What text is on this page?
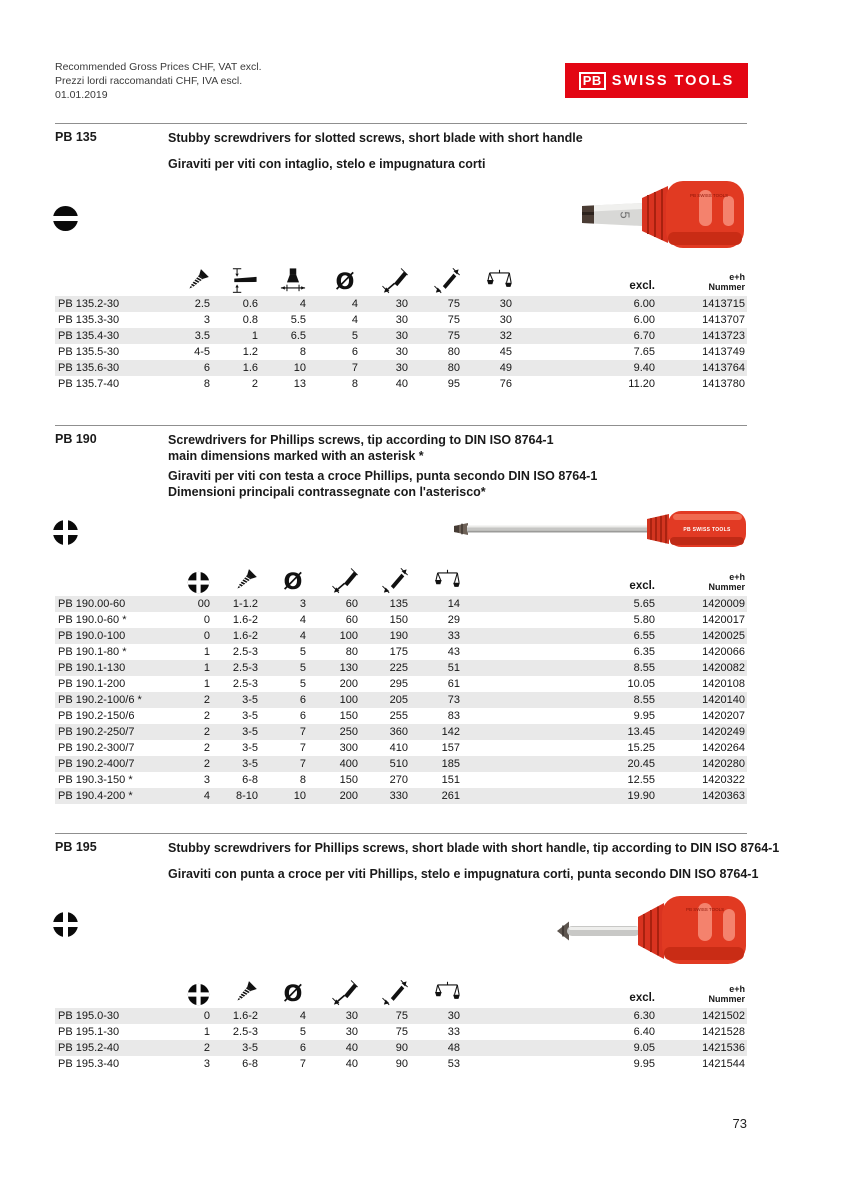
Recommended Gross Prices CHF, VAT excl.
Prezzi lordi raccomandati CHF, IVA escl.
01.01.2019
PB SWISS TOOLS
PB 135	Stubby screwdrivers for slotted screws, short blade with short handle
Giraviti per viti con intaglio, stelo e impugnatura corti
5
PB SWISS TOOLS

		excl.	e+h
Nummer

PB 135.2-30	2.5	0.6	4	4	30	75	30		6.00	1413715
PB 135.3-30	3	0.8	5.5	4	30	75	30		6.00	1413707
PB 135.4-30	3.5	1	6.5	5	30	75	32		6.70	1413723
PB 135.5-30	4-5	1.2	8	6	30	80	45		7.65	1413749
PB 135.6-30	6	1.6	10	7	30	80	49		9.40	1413764
PB 135.7-40	8	2	13	8	40	95	76		11.20	1413780
PB 190	Screwdrivers for Phillips screws, tip according to DIN ISO 8764-1
main dimensions marked with an asterisk *
Giraviti per viti con testa a croce Phillips, punta secondo DIN ISO 8764-1
Dimensioni principali contrassegnate con l'asterisco*
PB SWISS TOOLS

			excl.	e+h
Nummer

PB 190.00-60	00	1-1.2	3	60	135	14			5.65	1420009
PB 190.0-60 *	0	1.6-2	4	60	150	29			5.80	1420017
PB 190.0-100	0	1.6-2	4	100	190	33			6.55	1420025
PB 190.1-80 *	1	2.5-3	5	80	175	43			6.35	1420066
PB 190.1-130	1	2.5-3	5	130	225	51			8.55	1420082
PB 190.1-200	1	2.5-3	5	200	295	61			10.05	1420108
PB 190.2-100/6 *	2	3-5	6	100	205	73			8.55	1420140
PB 190.2-150/6	2	3-5	6	150	255	83			9.95	1420207
PB 190.2-250/7	2	3-5	7	250	360	142			13.45	1420249
PB 190.2-300/7	2	3-5	7	300	410	157			15.25	1420264
PB 190.2-400/7	2	3-5	7	400	510	185			20.45	1420280
PB 190.3-150 *	3	6-8	8	150	270	151			12.55	1420322
PB 190.4-200 *	4	8-10	10	200	330	261			19.90	1420363
PB 195	Stubby screwdrivers for Phillips screws, short blade with short handle, tip according to DIN ISO 8764-1
Giraviti con punta a croce per viti Phillips, stelo e impugnatura corti, punta secondo DIN ISO 8764-1
PB SWISS TOOLS

			excl.	e+h
Nummer

PB 195.0-30	0	1.6-2	4	30	75	30			6.30	1421502
PB 195.1-30	1	2.5-3	5	30	75	33			6.40	1421528
PB 195.2-40	2	3-5	6	40	90	48			9.05	1421536
PB 195.3-40	3	6-8	7	40	90	53			9.95	1421544
73
